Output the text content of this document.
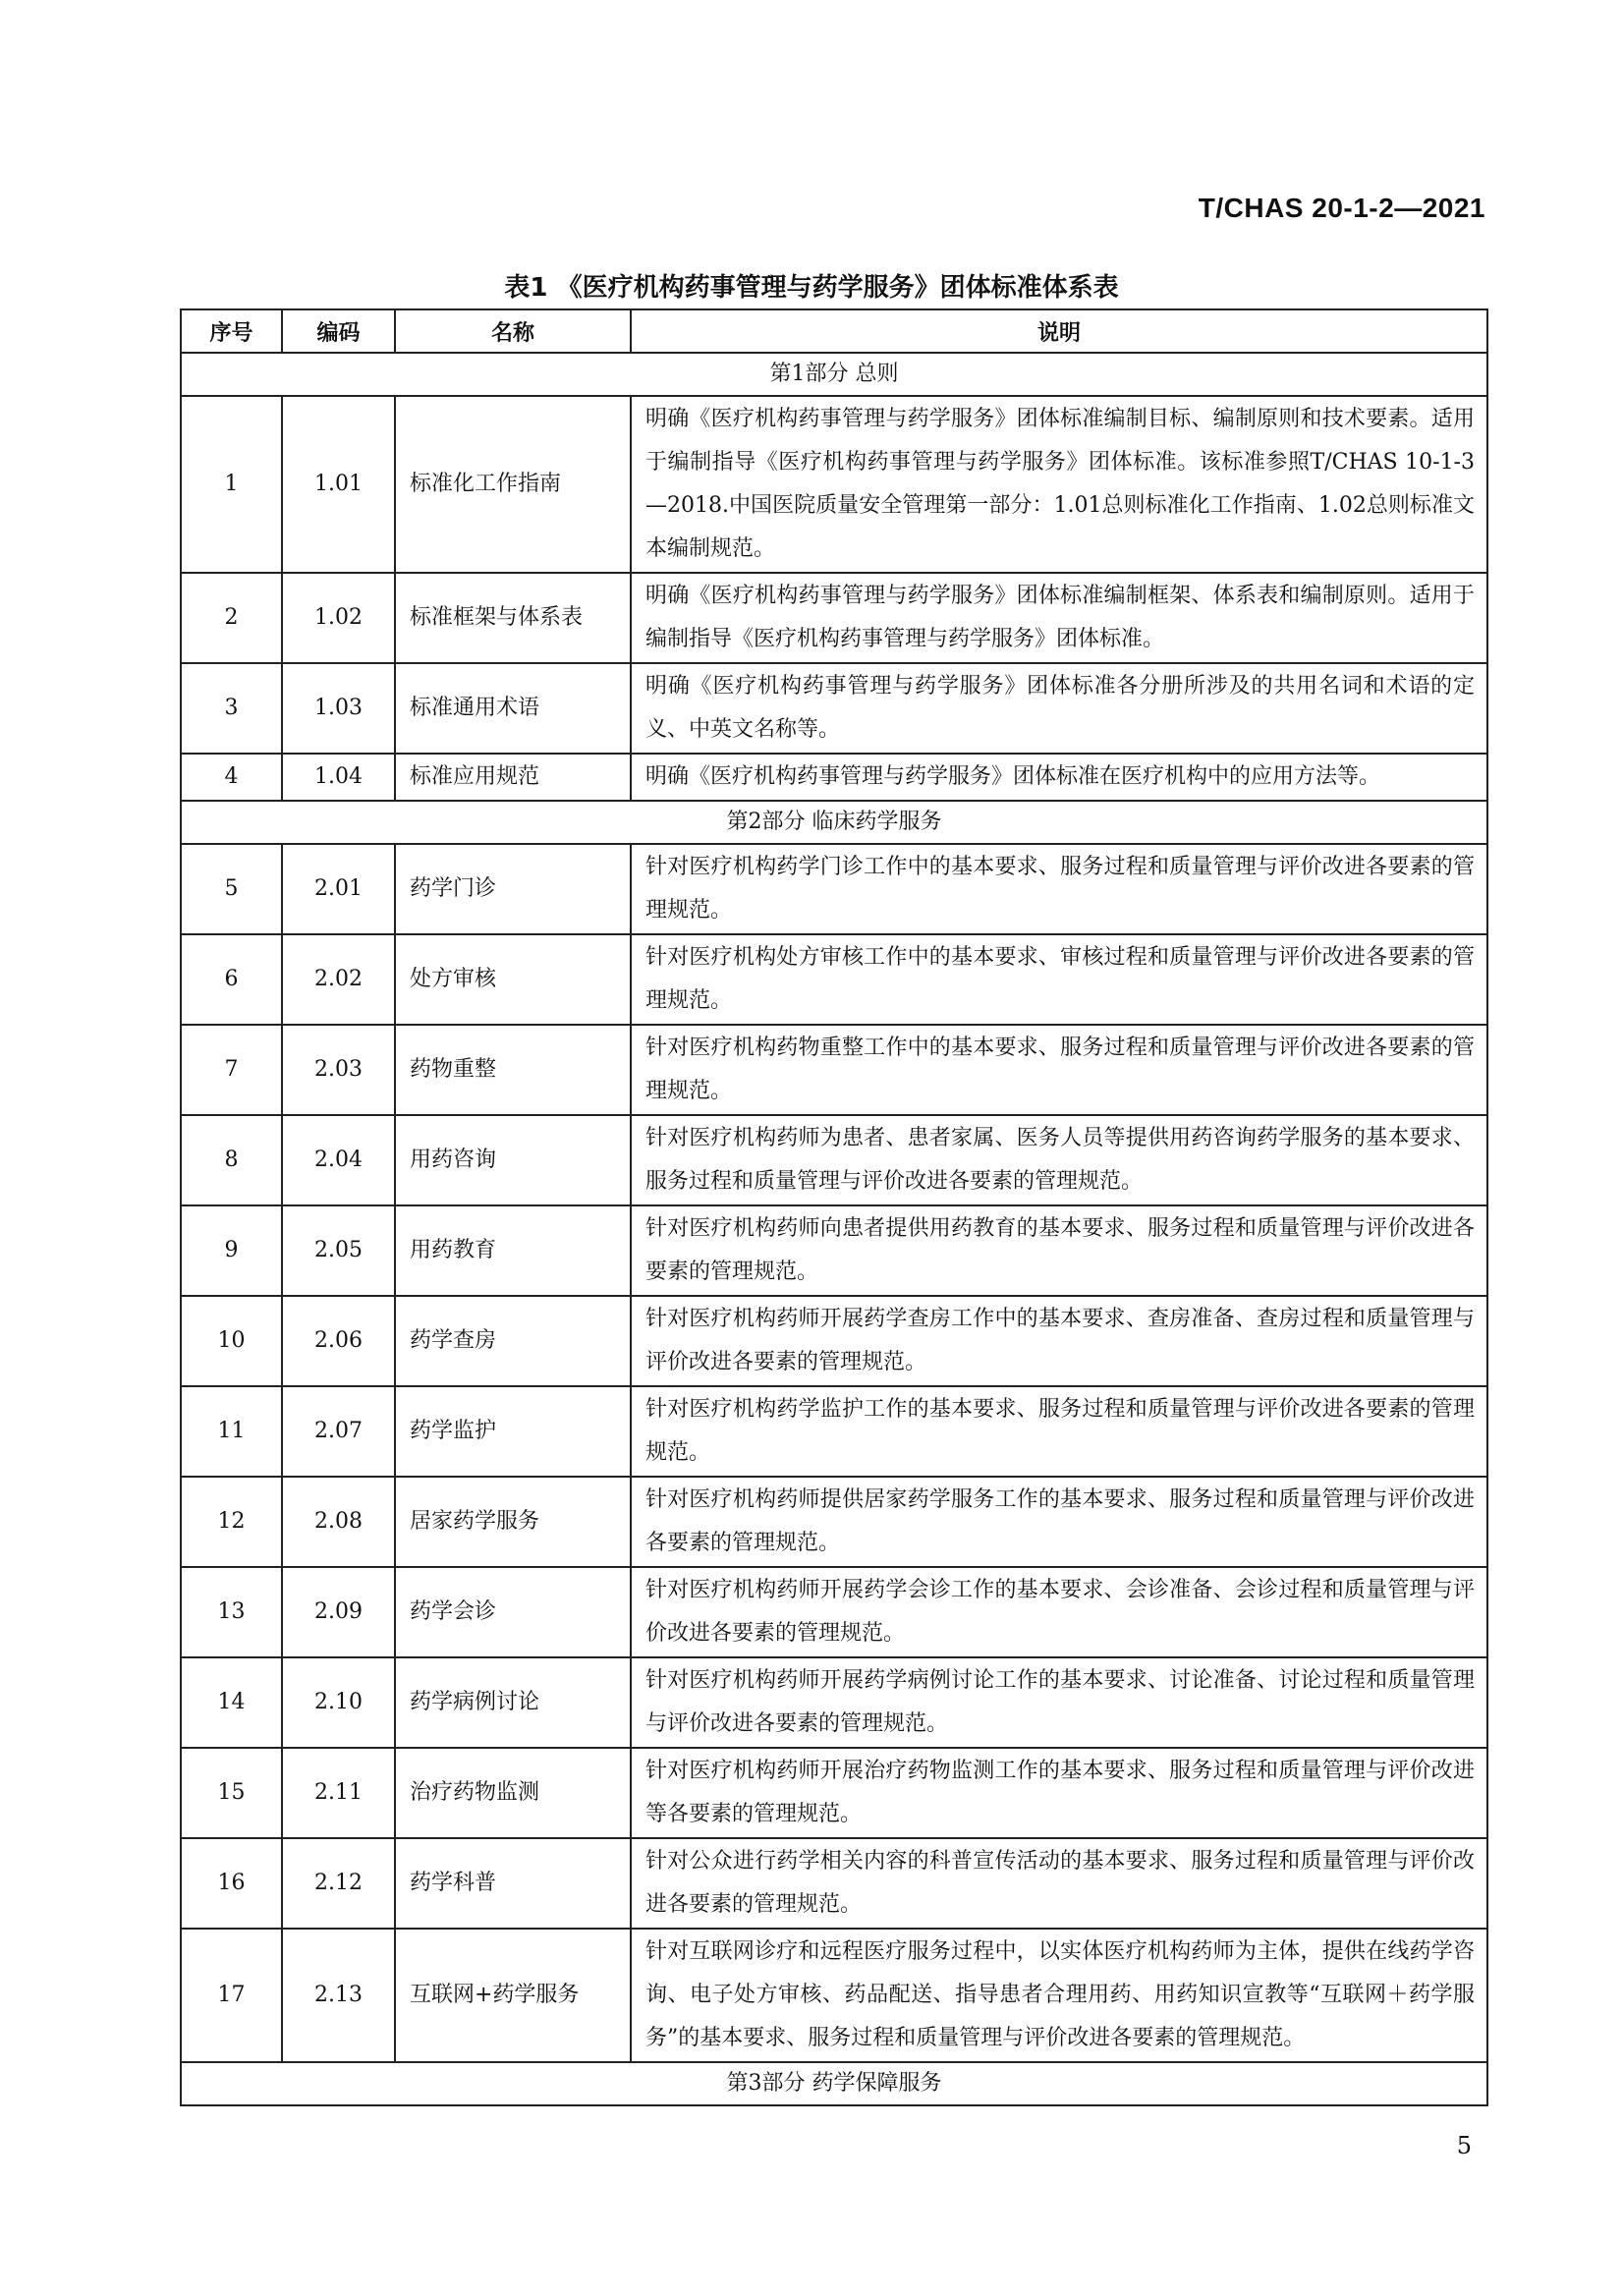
T/CHAS 20-1-2—2021
表1 《医疗机构药事管理与药学服务》团体标准体系表
序号	编码	名称	说明
第1部分 总则			
1	1.01	标准化工作指南	明确《医疗机构药事管理与药学服务》团体标准编制目标、编制原则和技术要素。适用于编制指导《医疗机构药事管理与药学服务》团体标准。该标准参照T/CHAS 10-1-3—2018.中国医院质量安全管理第一部分：1.01总则标准化工作指南、1.02总则标准文本编制规范。
2	1.02	标准框架与体系表	明确《医疗机构药事管理与药学服务》团体标准编制框架、体系表和编制原则。适用于编制指导《医疗机构药事管理与药学服务》团体标准。
3	1.03	标准通用术语	明确《医疗机构药事管理与药学服务》团体标准各分册所涉及的共用名词和术语的定义、中英文名称等。
4	1.04	标准应用规范	明确《医疗机构药事管理与药学服务》团体标准在医疗机构中的应用方法等。
第2部分 临床药学服务			
5	2.01	药学门诊	针对医疗机构药学门诊工作中的基本要求、服务过程和质量管理与评价改进各要素的管理规范。
6	2.02	处方审核	针对医疗机构处方审核工作中的基本要求、审核过程和质量管理与评价改进各要素的管理规范。
7	2.03	药物重整	针对医疗机构药物重整工作中的基本要求、服务过程和质量管理与评价改进各要素的管理规范。
8	2.04	用药咨询	针对医疗机构药师为患者、患者家属、医务人员等提供用药咨询药学服务的基本要求、服务过程和质量管理与评价改进各要素的管理规范。
9	2.05	用药教育	针对医疗机构药师向患者提供用药教育的基本要求、服务过程和质量管理与评价改进各要素的管理规范。
10	2.06	药学查房	针对医疗机构药师开展药学查房工作中的基本要求、查房准备、查房过程和质量管理与评价改进各要素的管理规范。
11	2.07	药学监护	针对医疗机构药学监护工作的基本要求、服务过程和质量管理与评价改进各要素的管理规范。
12	2.08	居家药学服务	针对医疗机构药师提供居家药学服务工作的基本要求、服务过程和质量管理与评价改进各要素的管理规范。
13	2.09	药学会诊	针对医疗机构药师开展药学会诊工作的基本要求、会诊准备、会诊过程和质量管理与评价改进各要素的管理规范。
14	2.10	药学病例讨论	针对医疗机构药师开展药学病例讨论工作的基本要求、讨论准备、讨论过程和质量管理与评价改进各要素的管理规范。
15	2.11	治疗药物监测	针对医疗机构药师开展治疗药物监测工作的基本要求、服务过程和质量管理与评价改进等各要素的管理规范。
16	2.12	药学科普	针对公众进行药学相关内容的科普宣传活动的基本要求、服务过程和质量管理与评价改进各要素的管理规范。
17	2.13	互联网+药学服务	针对互联网诊疗和远程医疗服务过程中，以实体医疗机构药师为主体，提供在线药学咨询、电子处方审核、药品配送、指导患者合理用药、用药知识宣教等“互联网＋药学服务”的基本要求、服务过程和质量管理与评价改进各要素的管理规范。
第3部分 药学保障服务			
5
